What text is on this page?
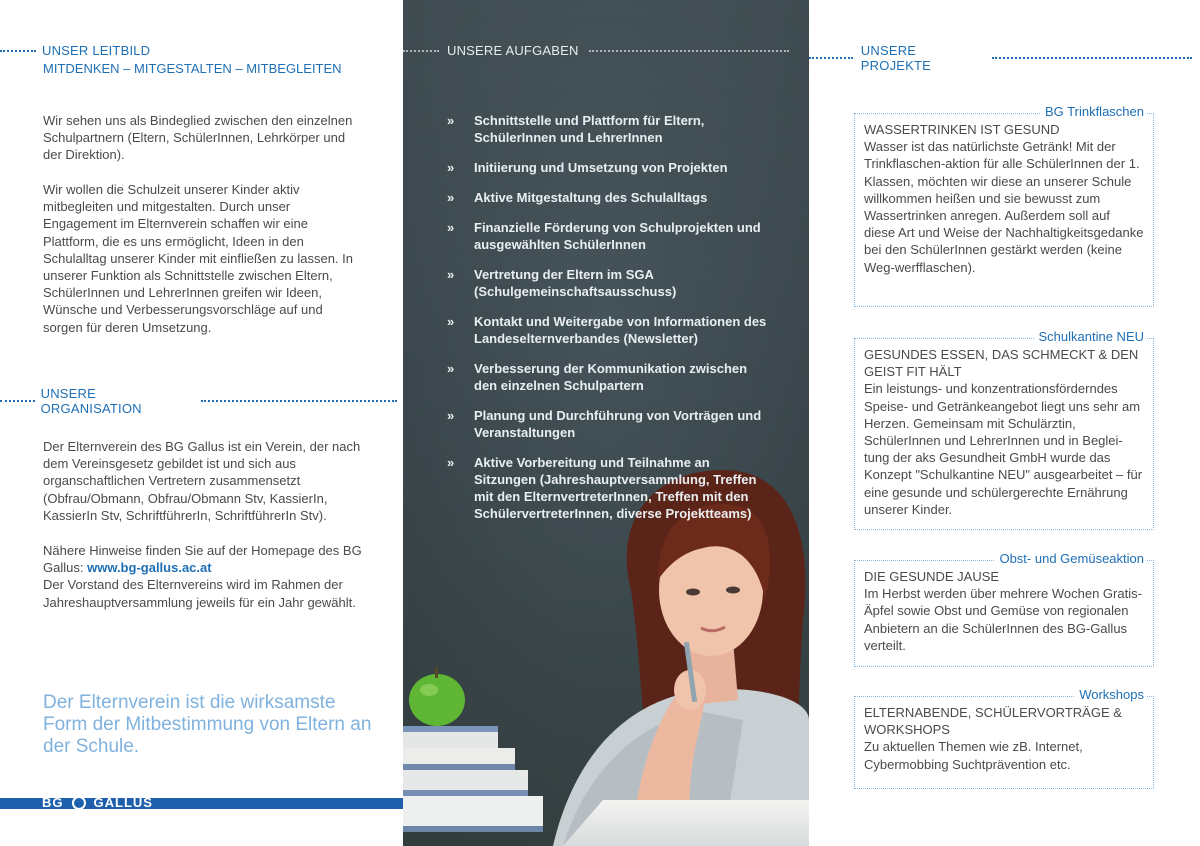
UNSER LEITBILD
MITDENKEN – MITGESTALTEN – MITBEGLEITEN
Wir sehen uns als Bindeglied zwischen den einzelnen Schulpartnern (Eltern, SchülerInnen, Lehrkörper und der Direktion).
Wir wollen die Schulzeit unserer Kinder aktiv mitbegleiten und mitgestalten. Durch unser Engagement im Elternverein schaffen wir eine Plattform, die es uns ermöglicht, Ideen in den Schulalltag unserer Kinder mit einfließen zu lassen. In unserer Funktion als Schnittstelle zwischen Eltern, SchülerInnen und LehrerInnen greifen wir Ideen, Wünsche und Verbesserungsvorschläge auf und sorgen für deren Umsetzung.
UNSERE ORGANISATION
Der Elternverein des BG Gallus ist ein Verein, der nach dem Vereinsgesetz gebildet ist und sich aus organschaftlichen Vertretern zusammensetzt (Obfrau/Obmann, Obfrau/Obmann Stv, KassierIn, KassierIn Stv, SchriftführerIn, SchriftführerIn Stv).
Nähere Hinweise finden Sie auf der Homepage des BG Gallus: www.bg-gallus.ac.at
Der Vorstand des Elternvereins wird im Rahmen der Jahreshauptversammlung jeweils für ein Jahr gewählt.
Der Elternverein ist die wirksamste Form der Mitbestimmung von Eltern an der Schule.
BG GALLUS
UNSERE AUFGABEN
»	Schnittstelle und Plattform für Eltern, SchülerInnen und LehrerInnen
»	Initiierung und Umsetzung von Projekten
»	Aktive Mitgestaltung des Schulalltags
»	Finanzielle Förderung von Schulprojekten und ausgewählten SchülerInnen
»	Vertretung der Eltern im SGA (Schulgemeinschaftsausschuss)
»	Kontakt und Weitergabe von Informationen des Landeselternverbandes (Newsletter)
»	Verbesserung der Kommunikation zwischen den einzelnen Schulpartern
»	Planung und Durchführung von Vorträgen und Veranstaltungen
»	Aktive Vorbereitung und Teilnahme an Sitzungen (Jahreshauptversammlung, Treffen mit den ElternvertreterInnen, Treffen mit den SchülervertreterInnen, diverse Projektteams)
UNSERE PROJEKTE
BG Trinkflaschen
WASSERTRINKEN IST GESUND
Wasser ist das natürlichste Getränk! Mit der Trinkflaschen-aktion für alle SchülerInnen der 1. Klassen, möchten wir diese an unserer Schule willkommen heißen und sie bewusst zum Wassertrinken anregen. Außerdem soll auf diese Art und Weise der Nachhaltigkeitsgedanke bei den SchülerInnen gestärkt werden (keine Weg-werfflaschen).
Schulkantine NEU
GESUNDES ESSEN, DAS SCHMECKT & DEN GEIST FIT HÄLT
Ein leistungs- und konzentrationsförderndes Speise- und Getränkeangebot liegt uns sehr am Herzen. Gemeinsam mit Schulärztin, SchülerInnen und LehrerInnen und in Beglei-tung der aks Gesundheit GmbH wurde das Konzept "Schulkantine NEU" ausgearbeitet – für eine gesunde und schülergerechte Ernährung unserer Kinder.
Obst- und Gemüseaktion
DIE GESUNDE JAUSE
Im Herbst werden über mehrere Wochen Gratis-Äpfel sowie Obst und Gemüse von regionalen Anbietern an die SchülerInnen des BG-Gallus verteilt.
Workshops
ELTERNABENDE, SCHÜLERVORTRÄGE & WORKSHOPS
Zu aktuellen Themen wie zB. Internet, Cybermobbing Suchtprävention etc.
